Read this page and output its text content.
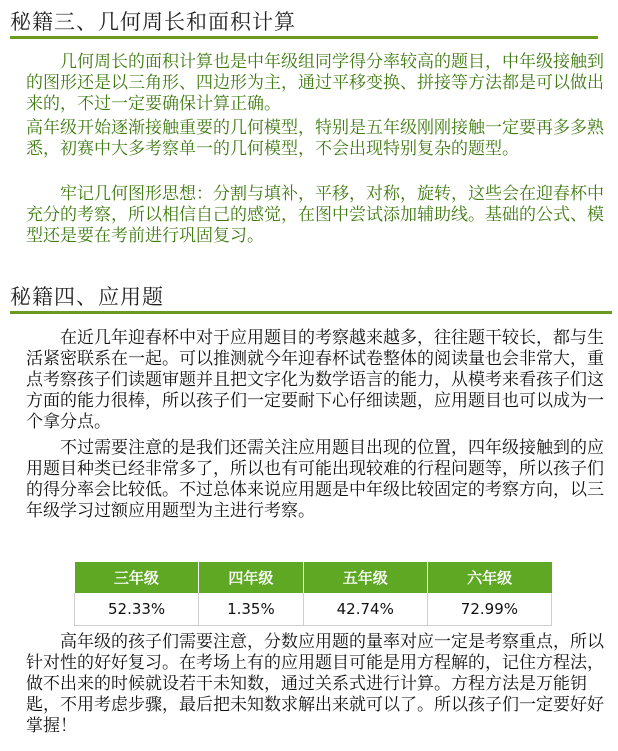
秘籍三、几何周长和面积计算

几何周长的面积计算也是中年级组同学得分率较高的题目，中年级接触到的图形还是以三角形、四边形为主，通过平移变换、拼接等方法都是可以做出来的，不过一定要确保计算正确。

高年级开始逐渐接触重要的几何模型，特别是五年级刚刚接触一定要再多多熟悉，初赛中大多考察单一的几何模型，不会出现特别复杂的题型。

牢记几何图形思想：分割与填补，平移，对称，旋转，这些会在迎春杯中充分的考察，所以相信自己的感觉，在图中尝试添加辅助线。基础的公式、模型还是要在考前进行巩固复习。

秘籍四、应用题

在近几年迎春杯中对于应用题目的考察越来越多，往往题干较长，都与生活紧密联系在一起。可以推测就今年迎春杯试卷整体的阅读量也会非常大，重点考察孩子们读题审题并且把文字化为数学语言的能力，从模考来看孩子们这方面的能力很棒，所以孩子们一定要耐下心仔细读题，应用题目也可以成为一个拿分点。

不过需要注意的是我们还需关注应用题目出现的位置，四年级接触到的应用题目种类已经非常多了，所以也有可能出现较难的行程问题等，所以孩子们的得分率会比较低。不过总体来说应用题是中年级比较固定的考察方向，以三年级学习过额应用题型为主进行考察。

三年级	四年级	五年级	六年级
52.33%	1.35%	42.74%	72.99%

高年级的孩子们需要注意，分数应用题的量率对应一定是考察重点，所以针对性的好好复习。在考场上有的应用题目可能是用方程解的，记住方程法，做不出来的时候就设若干未知数，通过关系式进行计算。方程方法是万能钥匙，不用考虑步骤，最后把未知数求解出来就可以了。所以孩子们一定要好好掌握！
